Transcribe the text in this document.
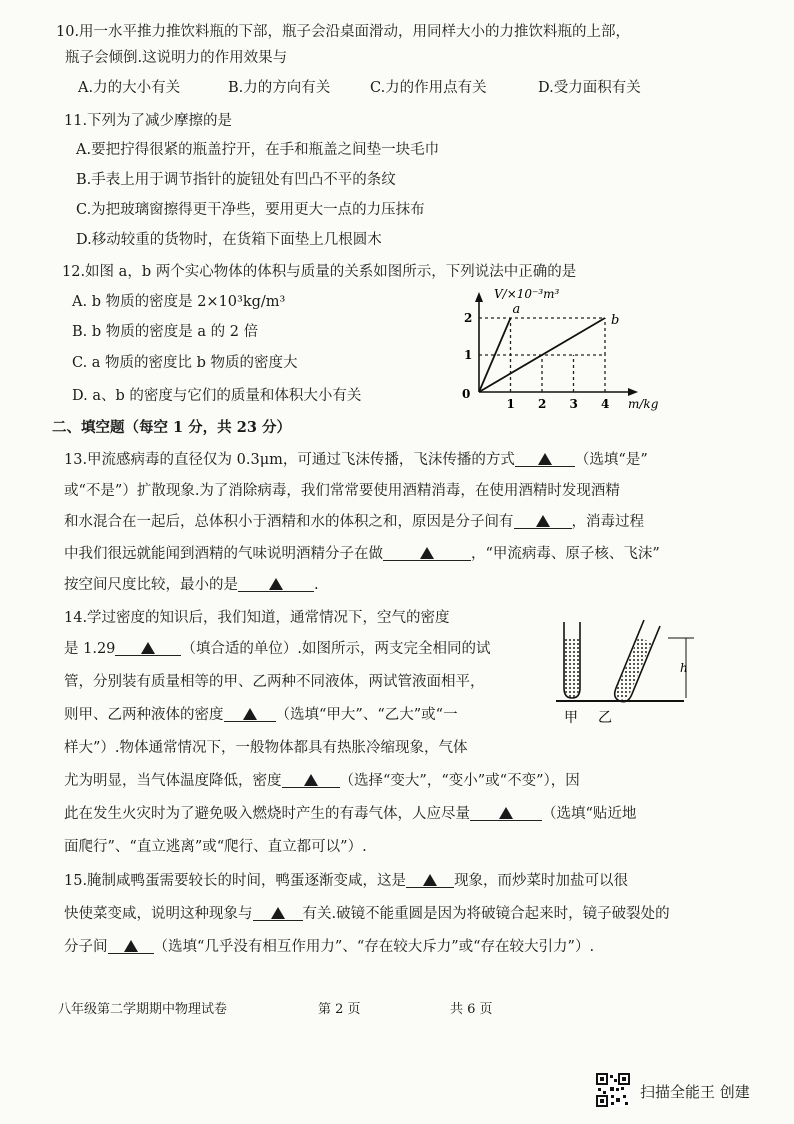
10.用一水平推力推饮料瓶的下部，瓶子会沿桌面滑动，用同样大小的力推饮料瓶的上部，
瓶子会倾倒.这说明力的作用效果与
A.力的大小有关	B.力的方向有关	C.力的作用点有关	D.受力面积有关
11.下列为了减少摩擦的是
A.要把拧得很紧的瓶盖拧开，在手和瓶盖之间垫一块毛巾
B.手表上用于调节指针的旋钮处有凹凸不平的条纹
C.为把玻璃窗擦得更干净些，要用更大一点的力压抹布
D.移动较重的货物时，在货箱下面垫上几根圆木
12.如图 a，b 两个实心物体的体积与质量的关系如图所示，下列说法中正确的是
A. b 物质的密度是 2×10³kg/m³
B. b 物质的密度是 a 的 2 倍
C. a 物质的密度比 b 物质的密度大
D. a、b 的密度与它们的质量和体积大小有关
a
b
V/×10⁻³m³
m/kg
0
1 2 3 4
1
2
二、填空题（每空 1 分，共 23 分）
13.甲流感病毒的直径仅为 0.3μm，可通过飞沫传播，飞沫传播的方式	（选填“是”
或“不是”）扩散现象.为了消除病毒，我们常常要使用酒精消毒，在使用酒精时发现酒精
和水混合在一起后，总体积小于酒精和水的体积之和，原因是分子间有	，消毒过程
中我们很远就能闻到酒精的气味说明酒精分子在做	，“甲流病毒、原子核、飞沫”
按空间尺度比较，最小的是	.
14.学过密度的知识后，我们知道，通常情况下，空气的密度
是 1.29	（填合适的单位）.如图所示，两支完全相同的试
管，分别装有质量相等的甲、乙两种不同液体，两试管液面相平，
则甲、乙两种液体的密度	（选填“甲大”、“乙大”或“一
样大”）.物体通常情况下，一般物体都具有热胀冷缩现象，气体
尤为明显，当气体温度降低，密度	（选择“变大”，“变小”或“不变”），因
此在发生火灾时为了避免吸入燃烧时产生的有毒气体，人应尽量	（选填“贴近地
面爬行”、“直立逃离”或“爬行、直立都可以”）.
h
甲 乙
15.腌制咸鸭蛋需要较长的时间，鸭蛋逐渐变咸，这是	现象，而炒菜时加盐可以很
快使菜变咸，说明这种现象与	有关.破镜不能重圆是因为将破镜合起来时，镜子破裂处的
分子间	（选填“几乎没有相互作用力”、“存在较大斥力”或“存在较大引力”）.
八年级第二学期期中物理试卷	第 2 页	共 6 页
扫描全能王 创建
